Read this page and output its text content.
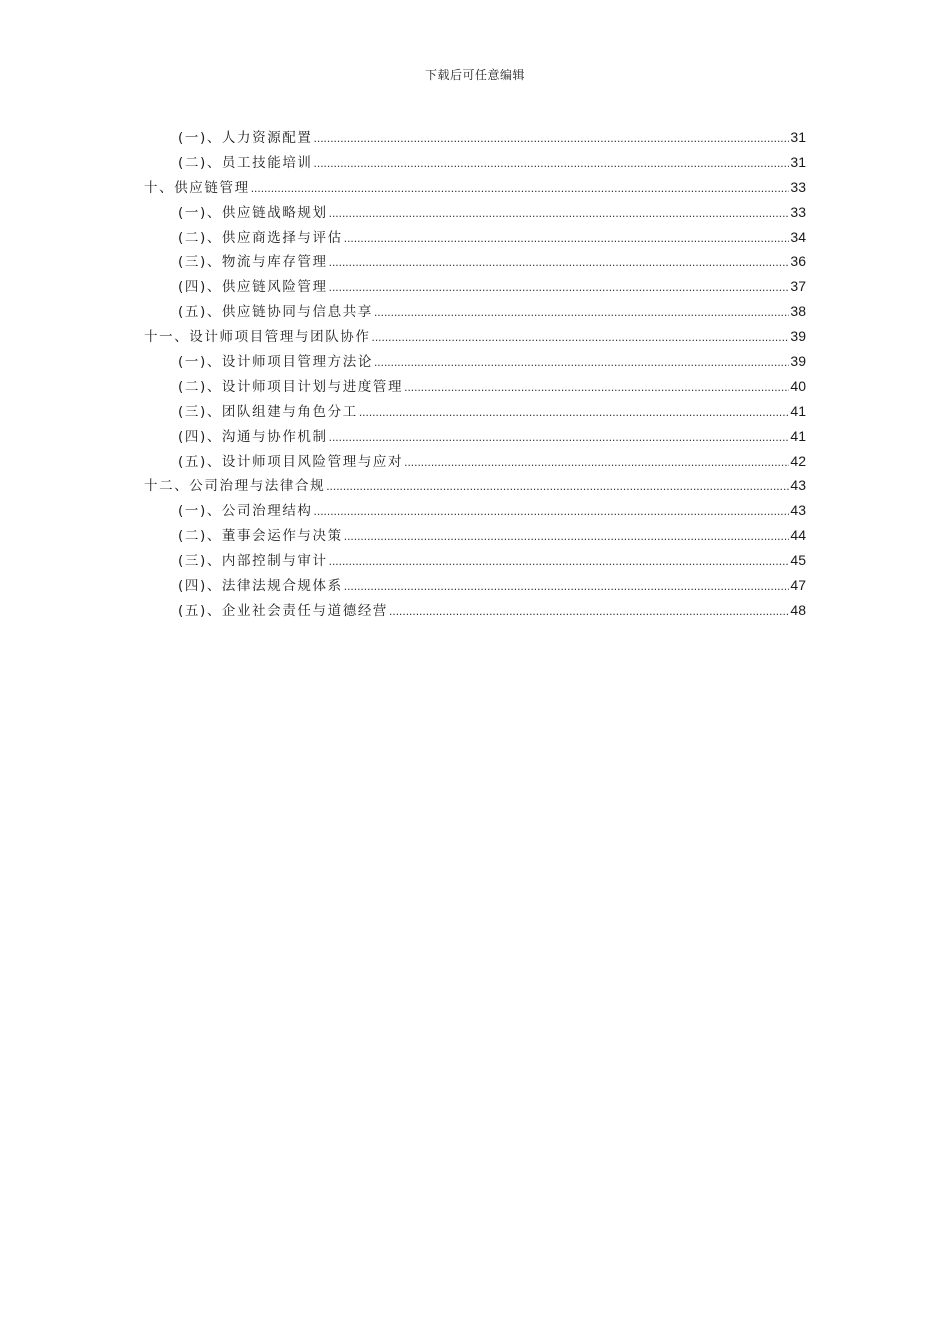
下载后可任意编辑
(一)、人力资源配置 .....	31
(二)、员工技能培训 .....	31
十、供应链管理 .....	33
(一)、供应链战略规划 .....	33
(二)、供应商选择与评估 .....	34
(三)、物流与库存管理 .....	36
(四)、供应链风险管理 .....	37
(五)、供应链协同与信息共享 .....	38
十一、设计师项目管理与团队协作 .....	39
(一)、设计师项目管理方法论 .....	39
(二)、设计师项目计划与进度管理 .....	40
(三)、团队组建与角色分工 .....	41
(四)、沟通与协作机制 .....	41
(五)、设计师项目风险管理与应对 .....	42
十二、公司治理与法律合规 .....	43
(一)、公司治理结构 .....	43
(二)、董事会运作与决策 .....	44
(三)、内部控制与审计 .....	45
(四)、法律法规合规体系 .....	47
(五)、企业社会责任与道德经营 .....	48
